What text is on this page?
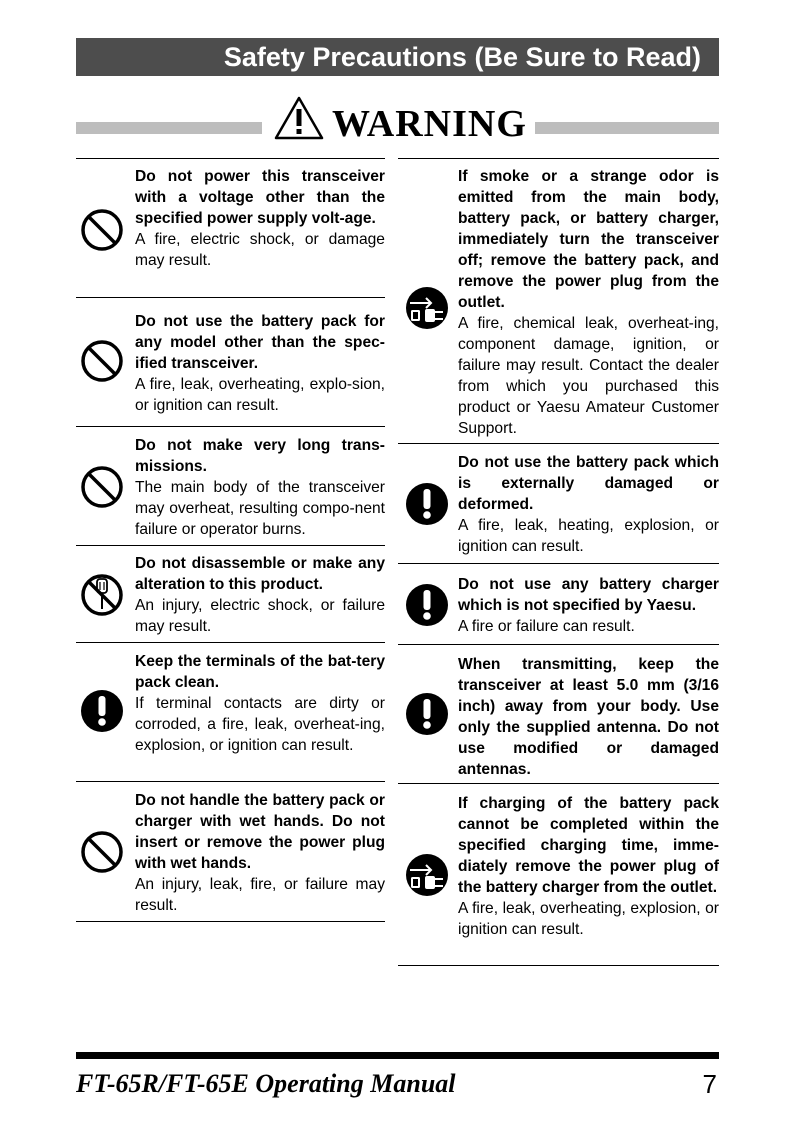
Safety Precautions (Be Sure to Read)
WARNING
Do not power this transceiver with a voltage other than the specified power supply volt-age.
A fire, electric shock, or damage may result.
Do not use the battery pack for any model other than the spec-ified transceiver.
A fire, leak, overheating, explo-sion, or ignition can result.
Do not make very long trans-missions.
The main body of the transceiver may overheat, resulting compo-nent failure or operator burns.
Do not disassemble or make any alteration to this product.
An injury, electric shock, or failure may result.
Keep the terminals of the bat-tery pack clean.
If terminal contacts are dirty or corroded, a fire, leak, overheat-ing, explosion, or ignition can result.
Do not handle the battery pack or charger with wet hands. Do not insert or remove the power plug with wet hands.
An injury, leak, fire, or failure may result.
If smoke or a strange odor is emitted from the main body, battery pack, or battery charger, immediately turn the transceiver off; remove the battery pack, and remove the power plug from the outlet.
A fire, chemical leak, overheat-ing, component damage, ignition, or failure may result. Contact the dealer from which you purchased this product or Yaesu Amateur Customer Support.
Do not use the battery pack which is externally damaged or deformed.
A fire, leak, heating, explosion, or ignition can result.
Do not use any battery charger which is not specified by Yaesu.
A fire or failure can result.
When transmitting, keep the transceiver at least 5.0 mm (3/16 inch) away from your body. Use only the supplied antenna. Do not use modified or damaged antennas.
If charging of the battery pack cannot be completed within the specified charging time, imme-diately remove the power plug of the battery charger from the outlet.
A fire, leak, overheating, explosion, or ignition can result.
FT-65R/FT-65E Operating Manual	7
